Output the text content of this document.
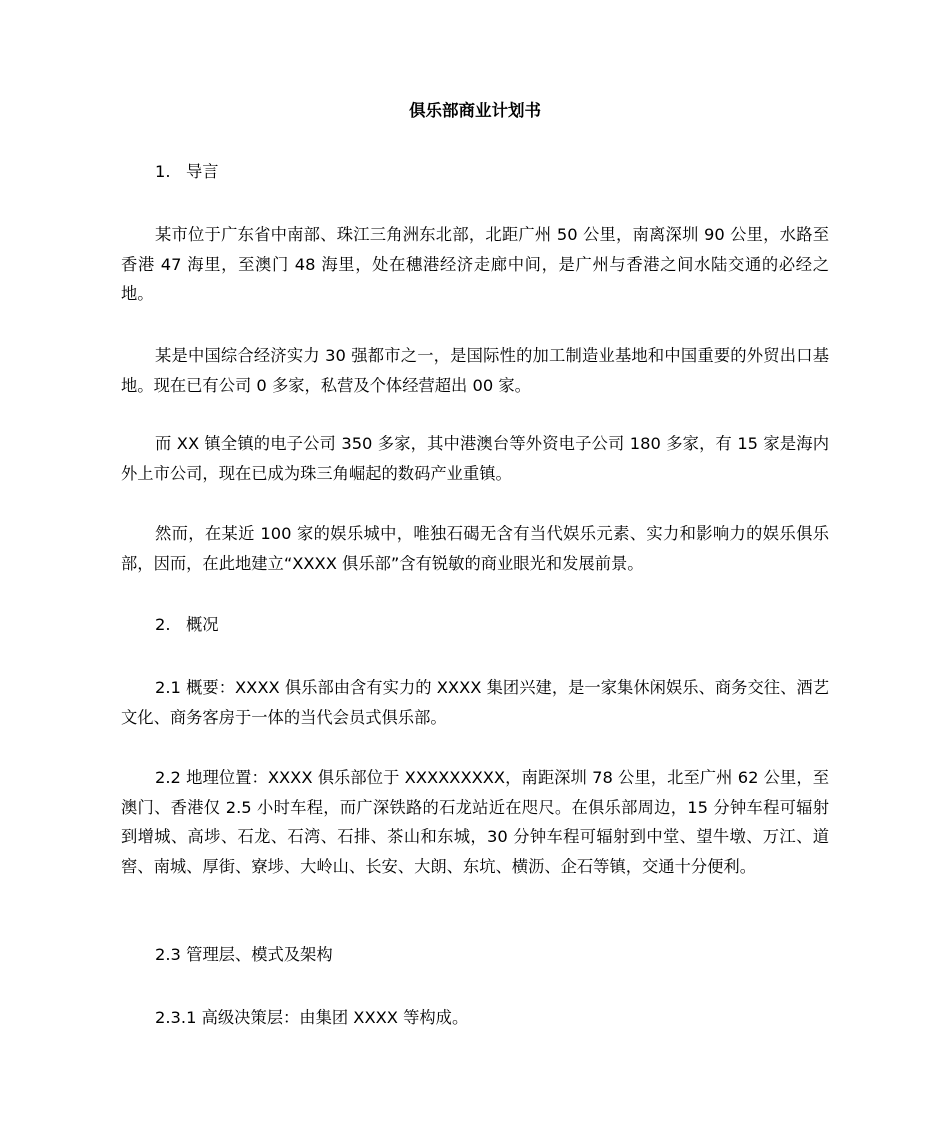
俱乐部商业计划书

1. 导言

某市位于广东省中南部、珠江三角洲东北部，北距广州 50 公里，南离深圳 90 公里，水路至香港 47 海里，至澳门 48 海里，处在穗港经济走廊中间，是广州与香港之间水陆交通的必经之地。

某是中国综合经济实力 30 强都市之一，是国际性的加工制造业基地和中国重要的外贸出口基地。现在已有公司 0 多家，私营及个体经营超出 00 家。

而 XX 镇全镇的电子公司 350 多家，其中港澳台等外资电子公司 180 多家，有 15 家是海内外上市公司，现在已成为珠三角崛起的数码产业重镇。

然而，在某近 100 家的娱乐城中，唯独石碣无含有当代娱乐元素、实力和影响力的娱乐俱乐部，因而，在此地建立“XXXX 俱乐部”含有锐敏的商业眼光和发展前景。

2. 概况

2.1 概要：XXXX 俱乐部由含有实力的 XXXX 集团兴建，是一家集休闲娱乐、商务交往、酒艺文化、商务客房于一体的当代会员式俱乐部。

2.2 地理位置：XXXX 俱乐部位于 XXXXXXXXX，南距深圳 78 公里，北至广州 62 公里，至澳门、香港仅 2.5 小时车程，而广深铁路的石龙站近在咫尺。在俱乐部周边，15 分钟车程可辐射到增城、高埗、石龙、石湾、石排、茶山和东城，30 分钟车程可辐射到中堂、望牛墩、万江、道窖、南城、厚街、寮埗、大岭山、长安、大朗、东坑、横沥、企石等镇，交通十分便利。

2.3 管理层、模式及架构

2.3.1 高级决策层：由集团 XXXX 等构成。
